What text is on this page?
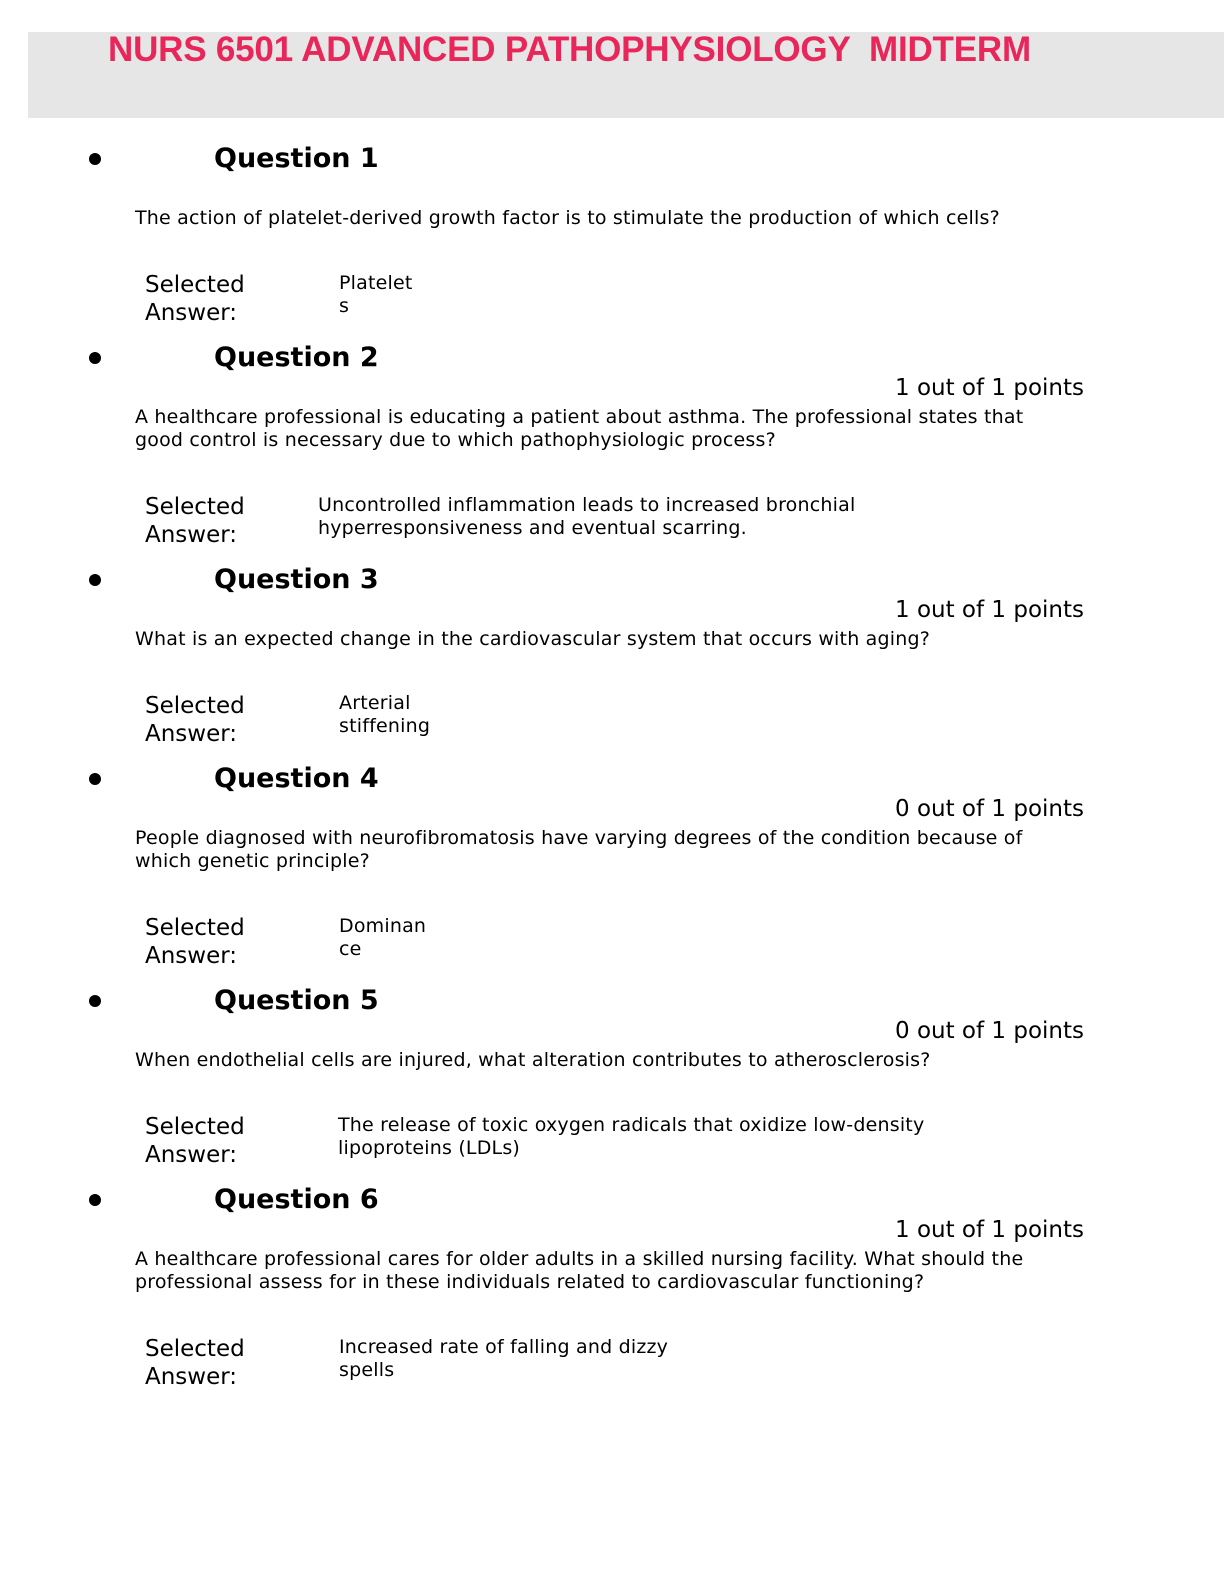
NURS 6501 ADVANCED PATHOPHYSIOLOGY  MIDTERM
Question 1
The action of platelet-derived growth factor is to stimulate the production of which cells?
Selected Answer:
Platelets
Question 2
1 out of 1 points
A healthcare professional is educating a patient about asthma. The professional states that good control is necessary due to which pathophysiologic process?
Selected Answer:
Uncontrolled inflammation leads to increased bronchial hyperresponsiveness and eventual scarring.
Question 3
1 out of 1 points
What is an expected change in the cardiovascular system that occurs with aging?
Selected Answer:
Arterial stiffening
Question 4
0 out of 1 points
People diagnosed with neurofibromatosis have varying degrees of the condition because of which genetic principle?
Selected Answer:
Dominance
Question 5
0 out of 1 points
When endothelial cells are injured, what alteration contributes to atherosclerosis?
Selected Answer:
The release of toxic oxygen radicals that oxidize low-density lipoproteins (LDLs)
Question 6
1 out of 1 points
A healthcare professional cares for older adults in a skilled nursing facility. What should the professional assess for in these individuals related to cardiovascular functioning?
Selected Answer:
Increased rate of falling and dizzy spells
